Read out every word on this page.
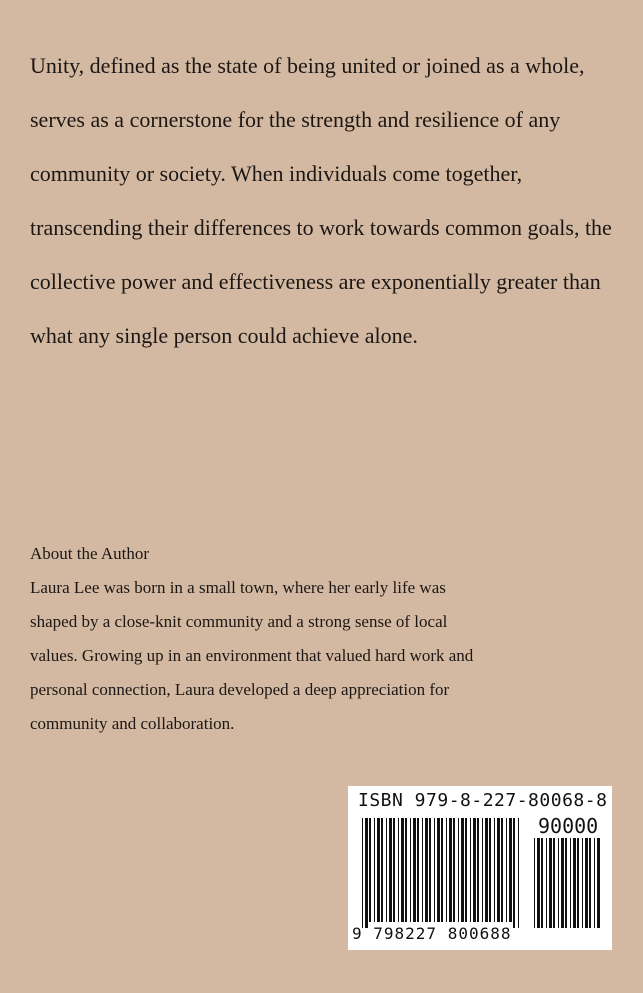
Unity, defined as the state of being united or joined as a whole,

serves as a cornerstone for the strength and resilience of any

community or society. When individuals come together,

transcending their differences to work towards common goals, the

collective power and effectiveness are exponentially greater than

what any single person could achieve alone.

About the Author

Laura Lee was born in a small town, where her early life was

shaped by a close-knit community and a strong sense of local

values. Growing up in an environment that valued hard work and

personal connection, Laura developed a deep appreciation for

community and collaboration.

ISBN 979-8-227-80068-8
90000
9 798227 800688
